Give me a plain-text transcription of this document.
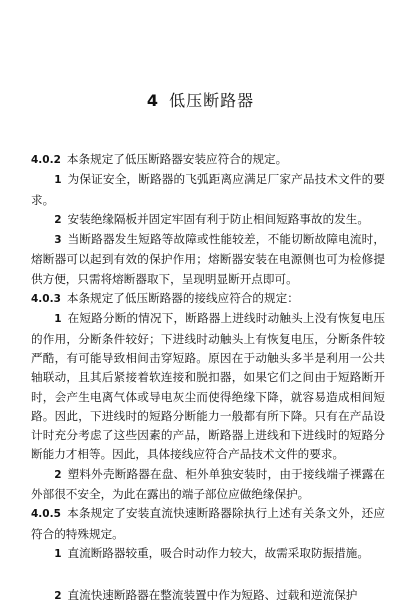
4 低压断路器

4.0.2 本条规定了低压断路器安装应符合的规定。

1 为保证安全，断路器的飞弧距离应满足厂家产品技术文件的要求。

2 安装绝缘隔板并固定牢固有利于防止相间短路事故的发生。

3 当断路器发生短路等故障或性能较差，不能切断故障电流时，熔断器可以起到有效的保护作用；熔断器安装在电源侧也可为检修提供方便，只需将熔断器取下，呈现明显断开点即可。

4.0.3 本条规定了低压断路器的接线应符合的规定：

1 在短路分断的情况下，断路器上进线时动触头上没有恢复电压的作用，分断条件较好；下进线时动触头上有恢复电压，分断条件较严酷，有可能导致相间击穿短路。原因在于动触头多半是利用一公共轴联动，且其后紧接着软连接和脱扣器，如果它们之间由于短路断开时，会产生电离气体或导电灰尘而使得绝缘下降，就容易造成相间短路。因此，下进线时的短路分断能力一般都有所下降。只有在产品设计时充分考虑了这些因素的产品，断路器上进线和下进线时的短路分断能力才相等。因此，具体接线应符合产品技术文件的要求。

2 塑料外壳断路器在盘、柜外单独安装时，由于接线端子裸露在外部很不安全，为此在露出的端子部位应做绝缘保护。

4.0.5 本条规定了安装直流快速断路器除执行上述有关条文外，还应符合的特殊规定。

1 直流断路器较重，吸合时动作力较大，故需采取防振措施。

2 直流快速断路器在整流装置中作为短路、过载和逆流保护
